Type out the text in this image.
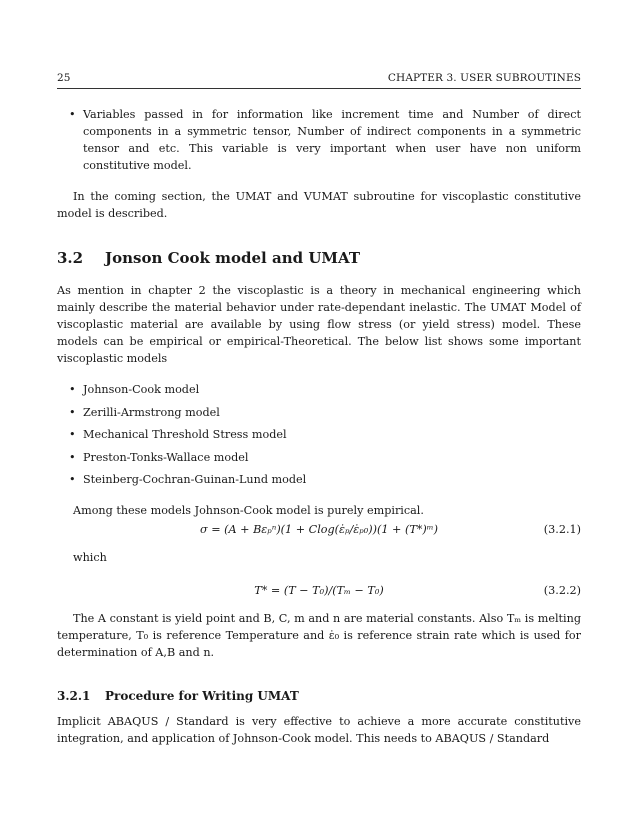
25	CHAPTER 3. USER SUBROUTINES
• Variables passed in for information like increment time and Number of direct components in a symmetric tensor, Number of indirect components in a symmetric tensor and etc. This variable is very important when user have non uniform constitutive model.

In the coming section, the UMAT and VUMAT subroutine for viscoplastic constitutive model is described.

3.2 Jonson Cook model and UMAT

As mention in chapter 2 the viscoplastic is a theory in mechanical engineering which mainly describe the material behavior under rate-dependant inelastic. The UMAT Model of viscoplastic material are available by using flow stress (or yield stress) model. These models can be empirical or empirical-Theoretical. The below list shows some important viscoplastic models

• Johnson-Cook model
• Zerilli-Armstrong model
• Mechanical Threshold Stress model
• Preston-Tonks-Wallace model
• Steinberg-Cochran-Guinan-Lund model

Among these models Johnson-Cook model is purely empirical.

σ = (A + Bεₚⁿ)(1 + Clog(ε̇ₚ/ε̇ₚ₀))(1 + (T*)ᵐ)	(3.2.1)

which

T* = (T − T₀)/(Tₘ − T₀)	(3.2.2)

The A constant is yield point and B, C, m and n are material constants. Also Tₘ is melting temperature, T₀ is reference Temperature and ε̇₀ is reference strain rate which is used for determination of A,B and n.

3.2.1 Procedure for Writing UMAT

Implicit ABAQUS / Standard is very effective to achieve a more accurate constitutive integration, and application of Johnson-Cook model. This needs to ABAQUS / Standard
